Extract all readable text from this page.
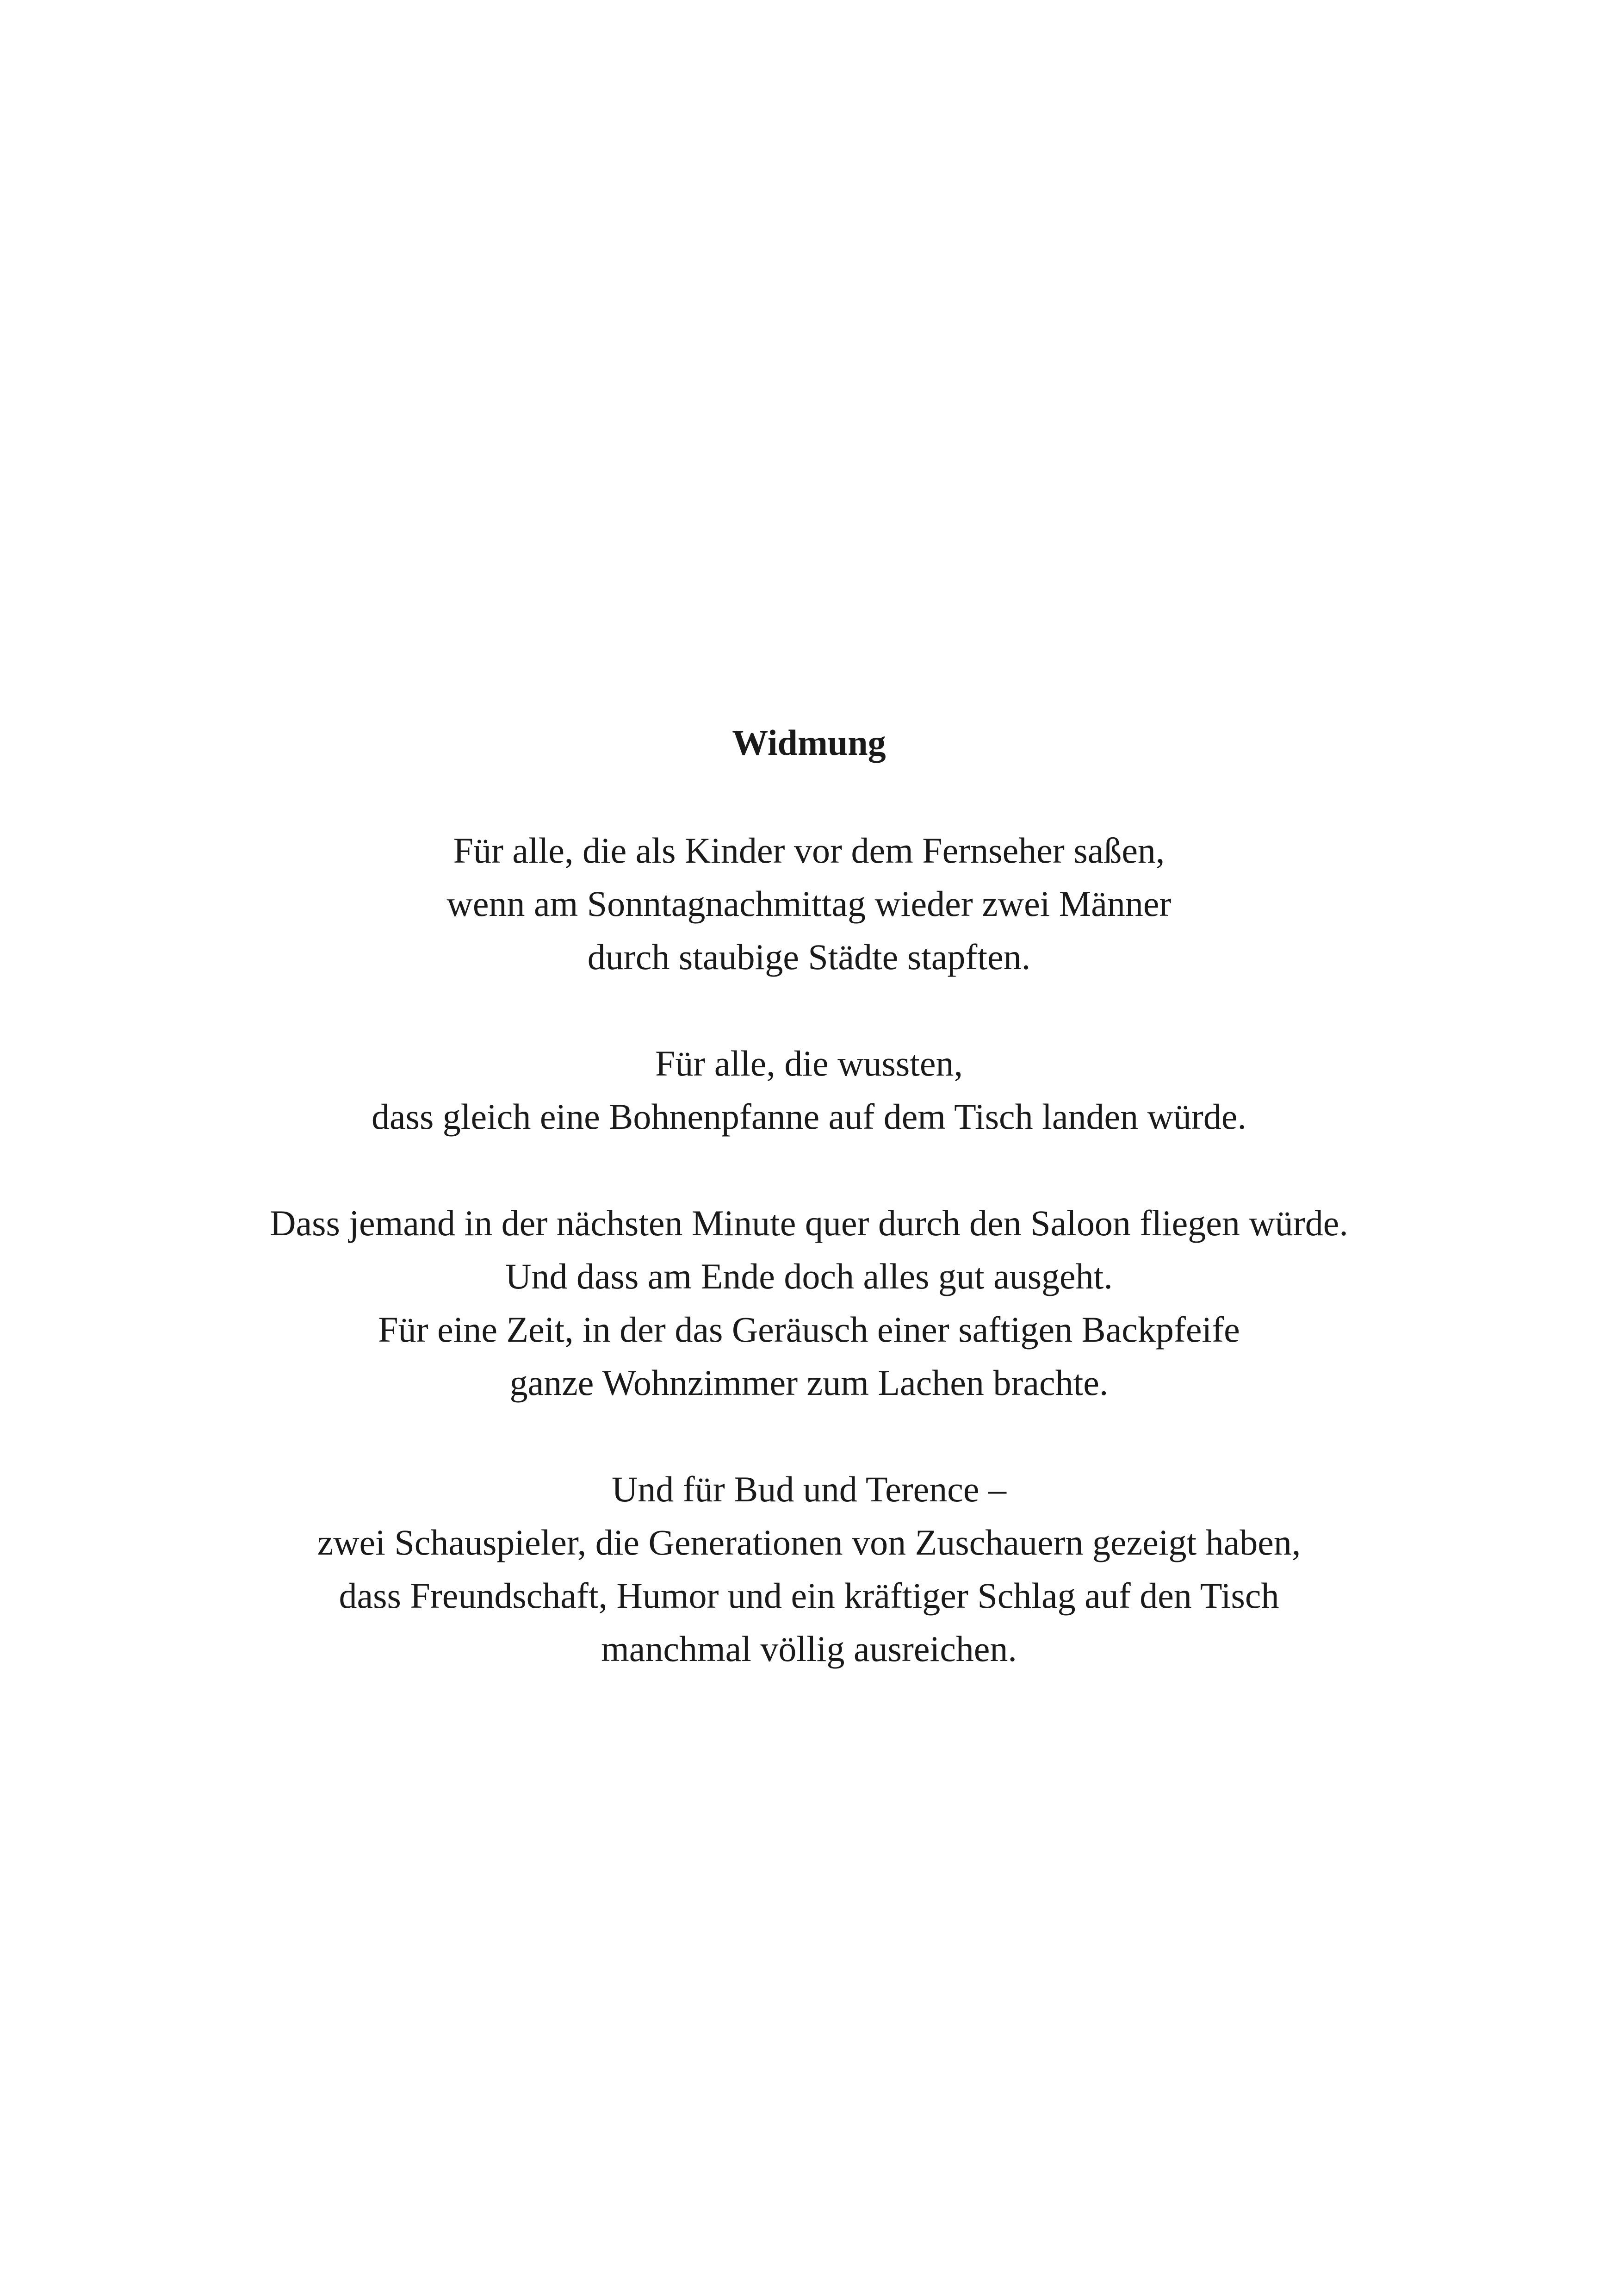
Widmung

Für alle, die als Kinder vor dem Fernseher saßen,
wenn am Sonntagnachmittag wieder zwei Männer
durch staubige Städte stapften.

Für alle, die wussten,
dass gleich eine Bohnenpfanne auf dem Tisch landen würde.

Dass jemand in der nächsten Minute quer durch den Saloon fliegen würde.
Und dass am Ende doch alles gut ausgeht.
Für eine Zeit, in der das Geräusch einer saftigen Backpfeife
ganze Wohnzimmer zum Lachen brachte.

Und für Bud und Terence –
zwei Schauspieler, die Generationen von Zuschauern gezeigt haben,
dass Freundschaft, Humor und ein kräftiger Schlag auf den Tisch
manchmal völlig ausreichen.
